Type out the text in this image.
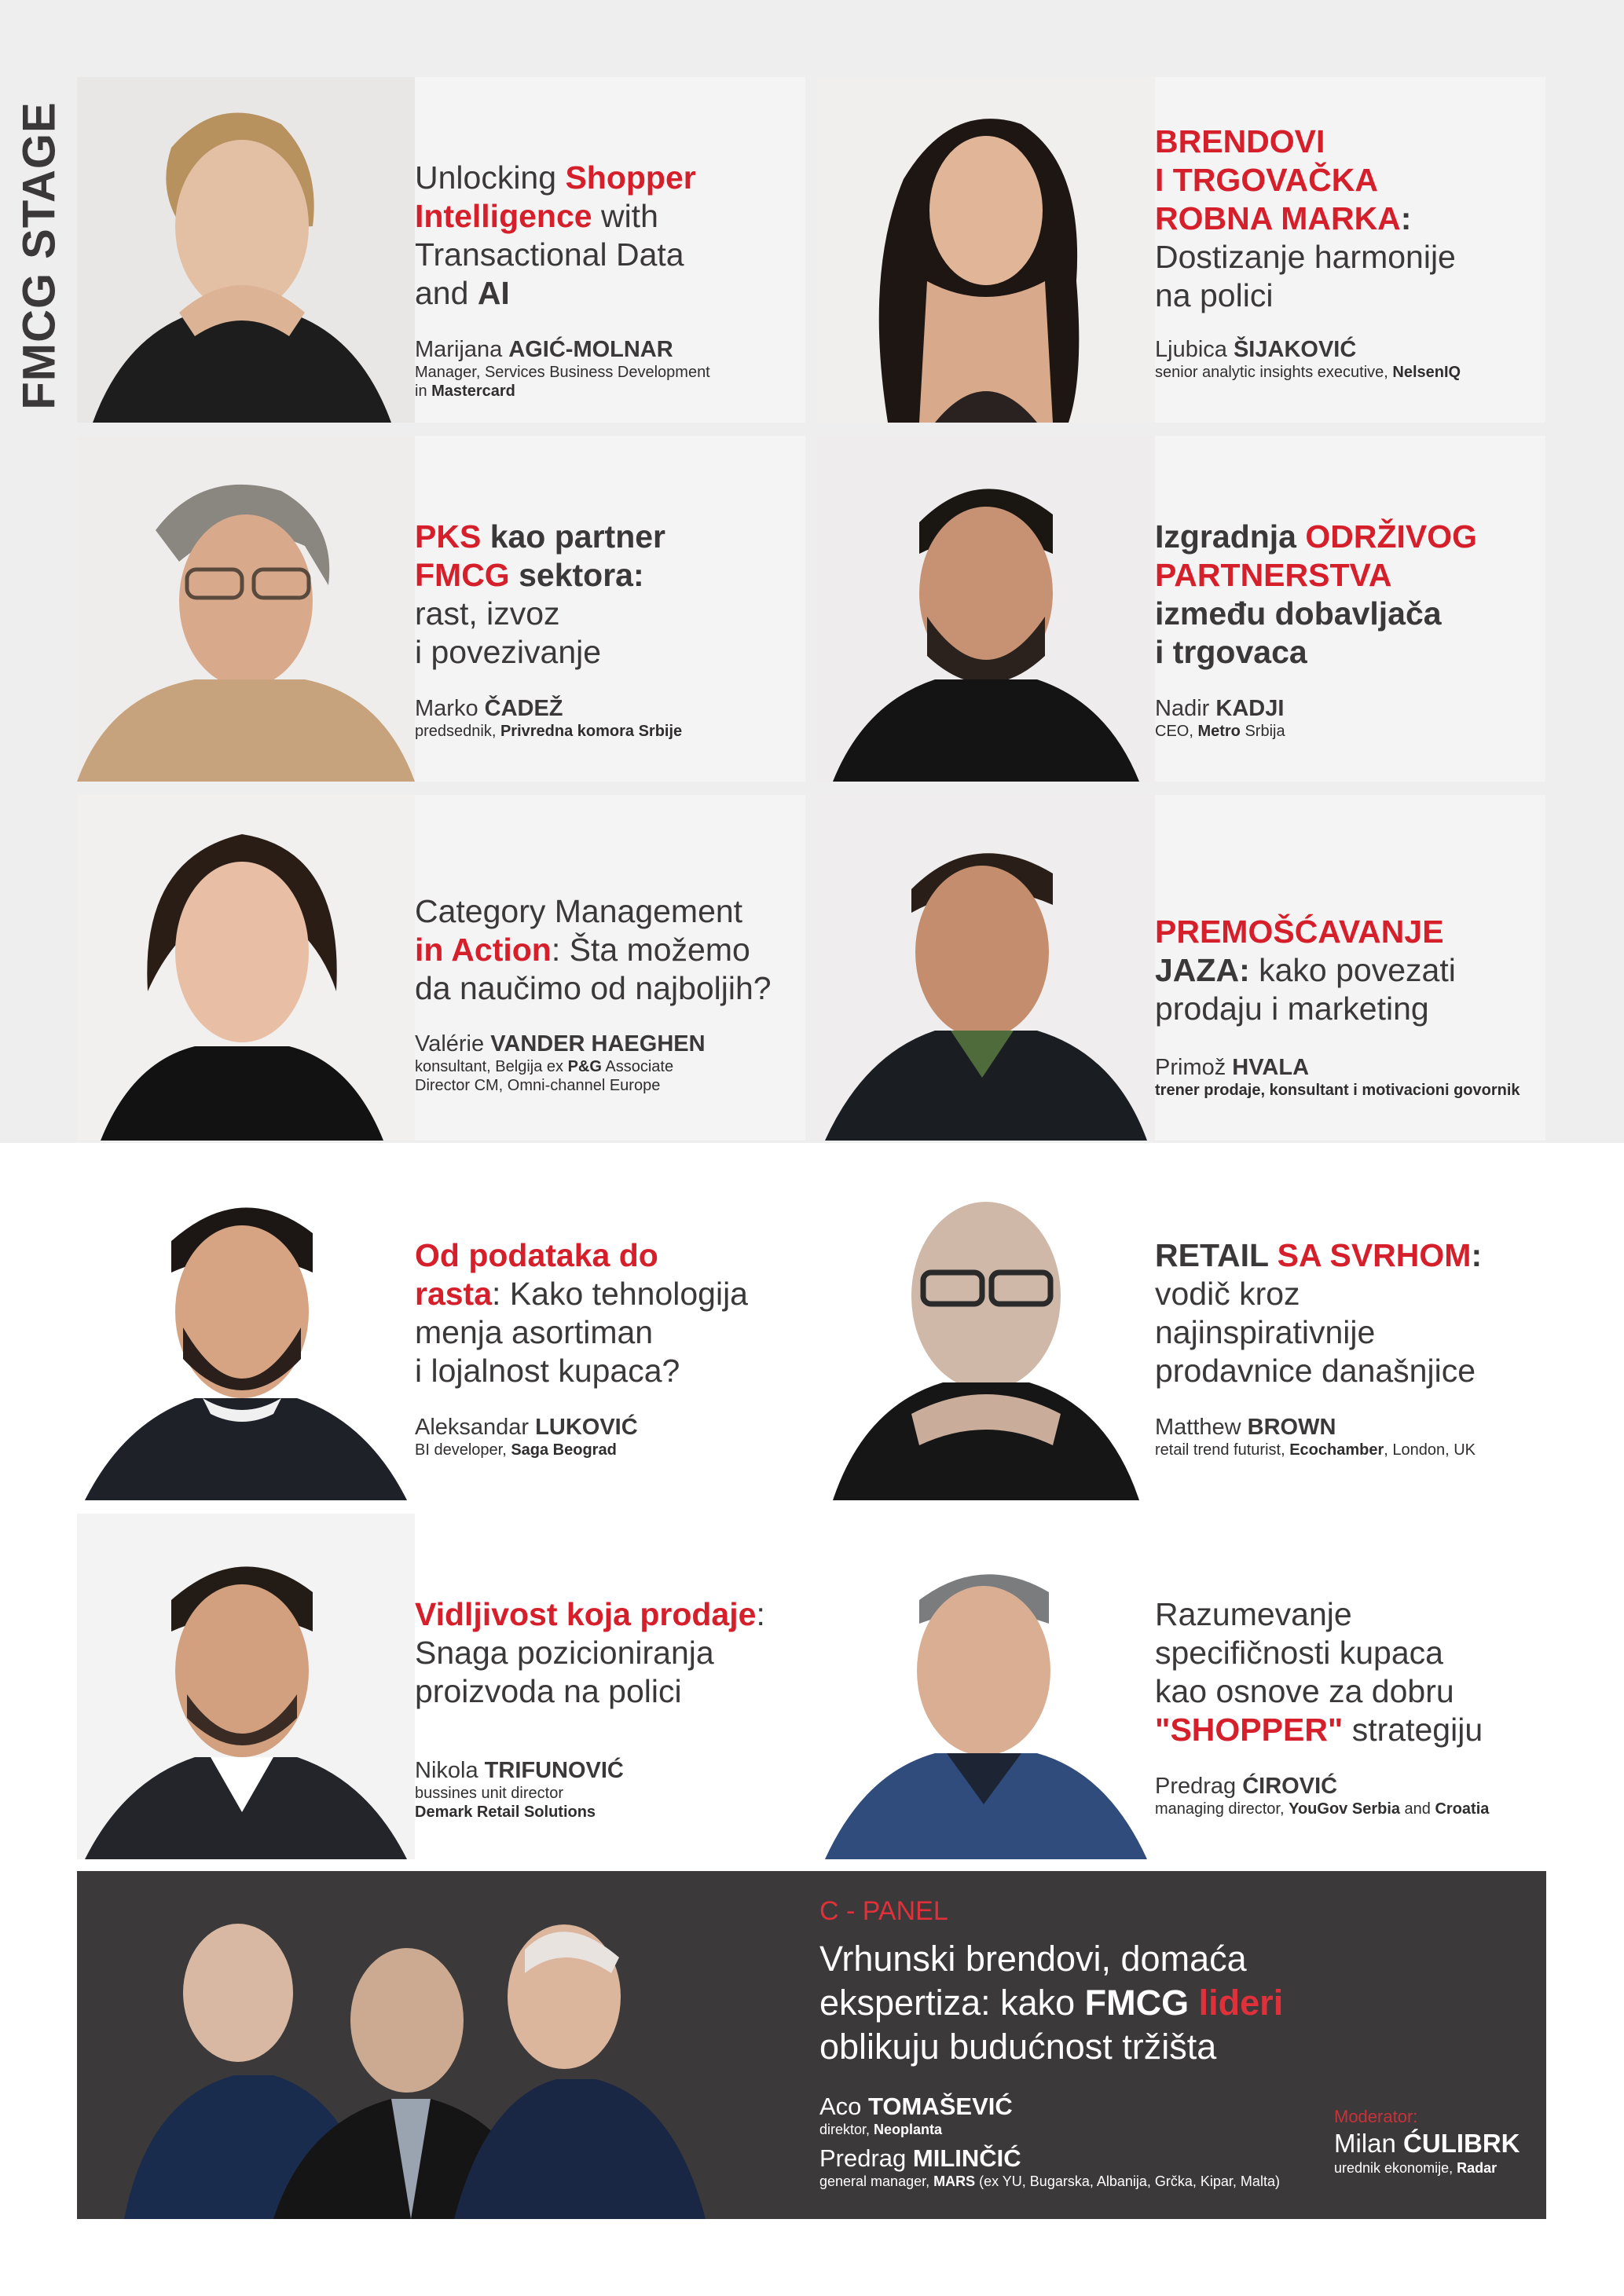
FMCG STAGE	Unlocking Shopper
Intelligence with
Transactional Data
and AI
Marijana AGIĆ-MOLNAR
Manager, Services Business Development
in Mastercard
BRENDOVI
I TRGOVAČKA
ROBNA MARKA:
Dostizanje harmonije
na polici
Ljubica ŠIJAKOVIĆ
senior analytic insights executive, NelsenIQ
PKS kao partner
FMCG sektora:
rast, izvoz
i povezivanje
Marko ČADEŽ
predsednik, Privredna komora Srbije
Izgradnja ODRŽIVOG
PARTNERSTVA
između dobavljača
i trgovaca
Nadir KADJI
CEO, Metro Srbija
Category Management
in Action: Šta možemo
da naučimo od najboljih?
Valérie VANDER HAEGHEN
konsultant, Belgija ex P&G Associate
Director CM, Omni-channel Europe
PREMOŠĆAVANJE
JAZA: kako povezati
prodaju i marketing
Primož HVALA
trener prodaje, konsultant i motivacioni govornik
Od podataka do
rasta: Kako tehnologija
menja asortiman
i lojalnost kupaca?
Aleksandar LUKOVIĆ
BI developer, Saga Beograd
RETAIL SA SVRHOM:
vodič kroz
najinspirativnije
prodavnice današnjice
Matthew BROWN
retail trend futurist, Ecochamber, London, UK
Vidljivost koja prodaje:
Snaga pozicioniranja
proizvoda na polici
Nikola TRIFUNOVIĆ
bussines unit director
Demark Retail Solutions
Razumevanje
specifičnosti kupaca
kao osnove za dobru
"SHOPPER" strategiju
Predrag ĆIROVIĆ
managing director, YouGov Serbia and Croatia
C - PANEL
Vrhunski brendovi, domaća
ekspertiza: kako FMCG lideri
oblikuju budućnost tržišta
Aco TOMAŠEVIĆ
direktor, Neoplanta
Predrag MILINČIĆ
general manager, MARS (ex YU, Bugarska, Albanija, Grčka, Kipar, Malta)
Moderator:
Milan ĆULIBRK
urednik ekonomije, Radar
